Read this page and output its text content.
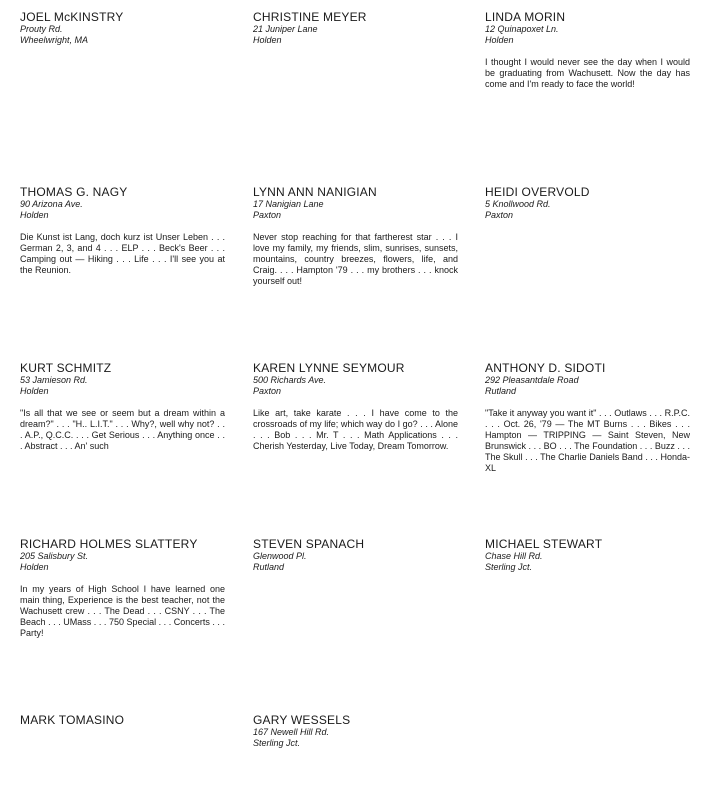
JOEL McKINSTRY
Prouty Rd.
Wheelwright, MA
CHRISTINE MEYER
21 Juniper Lane
Holden
LINDA MORIN
12 Quinapoxet Ln.
Holden
I thought I would never see the day when I would be graduating from Wachusett. Now the day has come and I'm ready to face the world!
THOMAS G. NAGY
90 Arizona Ave.
Holden
Die Kunst ist Lang, doch kurz ist Unser Leben . . . German 2, 3, and 4 . . . ELP . . . Beck's Beer . . . Camping out — Hiking . . . Life . . . I'll see you at the Reunion.
LYNN ANN NANIGIAN
17 Nanigian Lane
Paxton
Never stop reaching for that fartherest star . . . I love my family, my friends, slim, sunrises, sunsets, mountains, country breezes, flowers, life, and Craig. . . . Hampton '79 . . . my brothers . . . knock yourself out!
HEIDI OVERVOLD
5 Knollwood Rd.
Paxton
KURT SCHMITZ
53 Jamieson Rd.
Holden
"Is all that we see or seem but a dream within a dream?" . . . "H.. L.I.T." . . . Why?, well why not? . . . A.P., Q.C.C. . . . Get Serious . . . Anything once . . . Abstract . . . An' such
KAREN LYNNE SEYMOUR
500 Richards Ave.
Paxton
Like art, take karate . . . I have come to the crossroads of my life; which way do I go? . . . Alone . . . Bob . . . Mr. T . . . Math Applications . . . Cherish Yesterday, Live Today, Dream Tomorrow.
ANTHONY D. SIDOTI
292 Pleasantdale Road
Rutland
"Take it anyway you want it" . . . Outlaws . . . R.P.C. . . . Oct. 26, '79 — The MT Burns . . . Bikes . . . Hampton — TRIPPING — Saint Steven, New Brunswick . . . BO . . . The Foundation . . . Buzz . . . The Skull . . . The Charlie Daniels Band . . . Honda-XL
RICHARD HOLMES SLATTERY
205 Salisbury St.
Holden
In my years of High School I have learned one main thing, Experience is the best teacher, not the Wachusett crew . . . The Dead . . . CSNY . . . The Beach . . . UMass . . . 750 Special . . . Concerts . . . Party!
STEVEN SPANACH
Glenwood Pl.
Rutland
MICHAEL STEWART
Chase Hill Rd.
Sterling Jct.
MARK TOMASINO	GARY WESSELS
167 Newell Hill Rd.
Sterling Jct.
